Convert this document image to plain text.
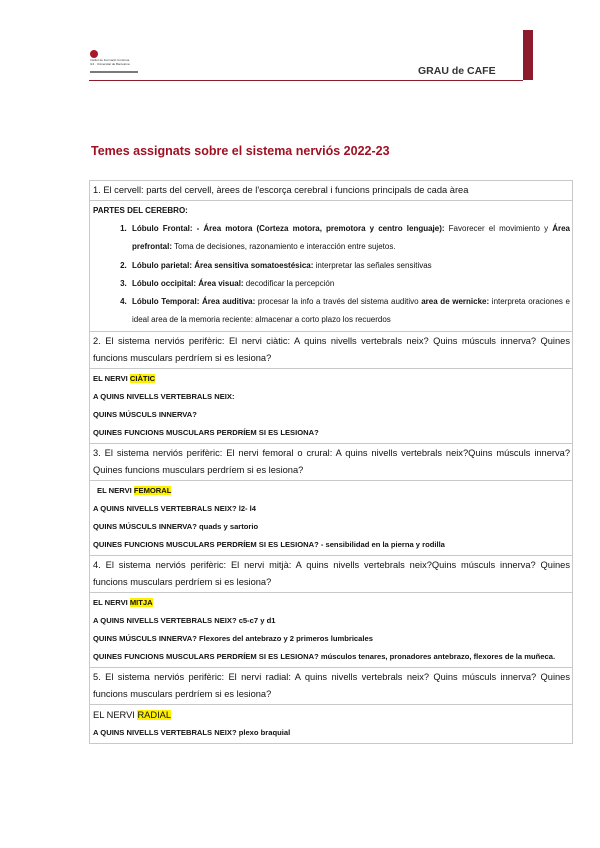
Institut de Formació Contínua
IL3 · Universitat de Barcelona
GRAU de CAFE
Temes assignats sobre el sistema nerviós 2022-23
1. El cervell: parts del cervell, àrees de l'escorça cerebral i funcions principals de cada àrea
PARTES DEL CEREBRO:
1. Lóbulo Frontal: - Área motora (Corteza motora, premotora y centro lenguaje): Favorecer el movimiento y Área prefrontal: Toma de decisiones, razonamiento e interacción entre sujetos.
2. Lóbulo parietal: Área sensitiva somatoestésica: interpretar las señales sensitivas
3. Lóbulo occipital: Área visual: decodificar la percepción
4. Lóbulo Temporal: Área auditiva: procesar la info a través del sistema auditivo area de wernicke: interpreta oraciones e ideal area de la memoria reciente: almacenar a corto plazo los recuerdos
2. El sistema nerviós perifèric: El nervi ciàtic: A quins nivells vertebrals neix? Quins músculs innerva? Quines funcions musculars perdríem si es lesiona?
EL NERVI CIÀTIC
A QUINS NIVELLS VERTEBRALS NEIX:
QUINS MÚSCULS INNERVA?
QUINES FUNCIONS MUSCULARS PERDRÍEM SI ES LESIONA?
3. El sistema nerviós perifèric: El nervi femoral o crural: A quins nivells vertebrals neix?Quins músculs innerva? Quines funcions musculars perdríem si es lesiona?
EL NERVI FEMORAL
A QUINS NIVELLS VERTEBRALS NEIX? l2- l4
QUINS MÚSCULS INNERVA? quads y sartorio
QUINES FUNCIONS MUSCULARS PERDRÍEM SI ES LESIONA? - sensibilidad en la pierna y rodilla
4. El sistema nerviós perifèric: El nervi mitjà: A quins nivells vertebrals neix?Quins músculs innerva? Quines funcions musculars perdríem si es lesiona?
EL NERVI MITJA
A QUINS NIVELLS VERTEBRALS NEIX? c5-c7 y d1
QUINS MÚSCULS INNERVA? Flexores del antebrazo y 2 primeros lumbricales
QUINES FUNCIONS MUSCULARS PERDRÍEM SI ES LESIONA? músculos tenares, pronadores antebrazo, flexores de la muñeca.
5. El sistema nerviós perifèric: El nervi radial: A quins nivells vertebrals neix? Quins músculs innerva? Quines funcions musculars perdríem si es lesiona?
EL NERVI RADIAL
A QUINS NIVELLS VERTEBRALS NEIX? plexo braquial
